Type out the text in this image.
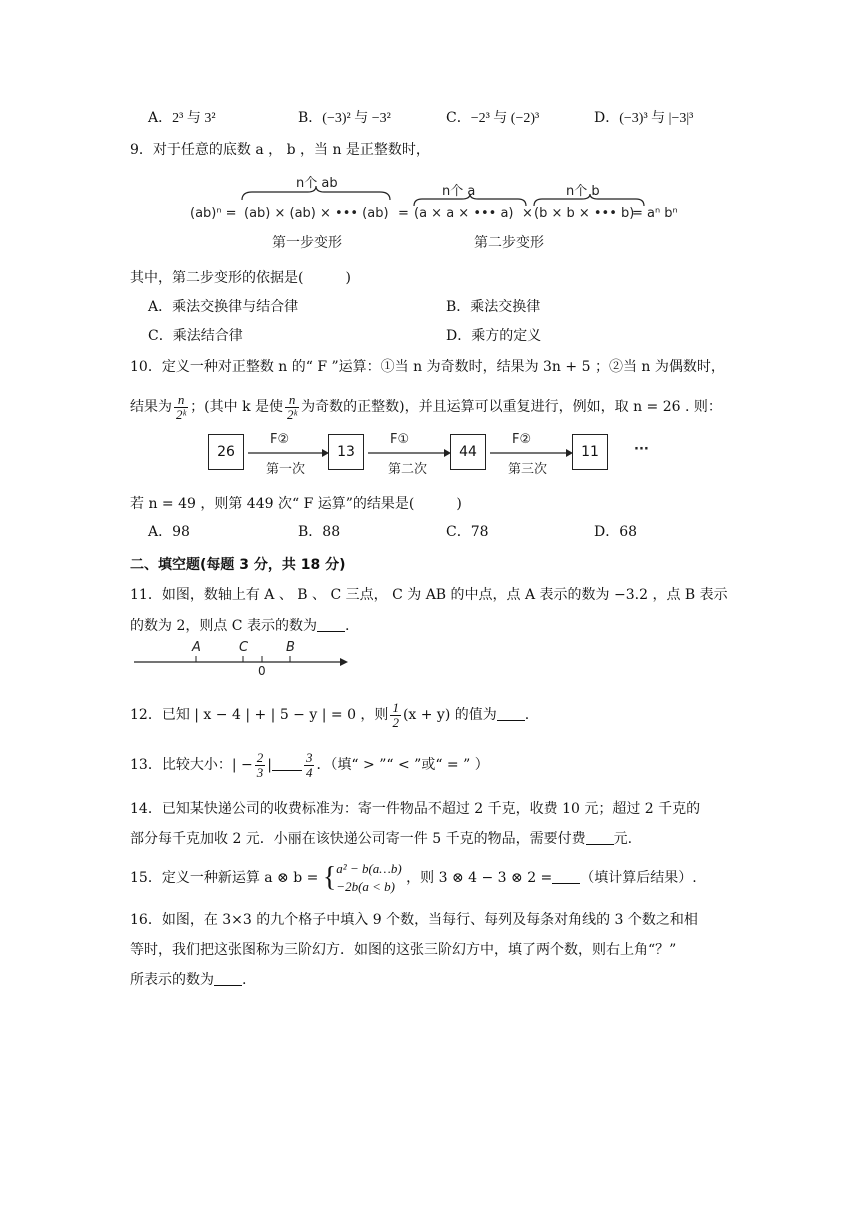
A．2³ 与 3²	B．(−3)² 与 −3²	C．−2³ 与 (−2)³	D．(−3)³ 与 |−3|³
9．对于任意的底数 a ， b ，当 n 是正整数时，
n个 ab
n个 a	n个 b
(ab)ⁿ = (ab) × (ab) × ••• (ab) = (a × a × ••• a) × (b × b × ••• b)
= aⁿ bⁿ
第一步变形	第二步变形
其中，第二步变形的依据是(　　　)
A．乘法交换律与结合律	B．乘法交换律
C．乘法结合律	D．乘方的定义
10．定义一种对正整数 n 的“ F ”运算：①当 n 为奇数时，结果为 3n + 5 ；②当 n 为偶数时，
结果为 $\frac{n}{\text{2ᵏ}}$ ；(其中 k 是使 $\frac{n}{\text{2ᵏ}}$ 为奇数的正整数)，并且运算可以重复进行，例如，取 n = 26 . 则：
26	13	44	11
F②	F①	F②
第一次	第二次	第三次
···
若 n = 49 ，则第 449 次“ F 运算”的结果是(　　　)
A．98	B．88	C．78	D．68
二、填空题(每题 3 分，共 18 分)
11．如图，数轴上有 A 、 B 、 C 三点， C 为 AB 的中点，点 A 表示的数为 −3.2 ，点 B 表示
的数为 2，则点 C 表示的数为 .
A	C	B
0
12．已知 | x − 4 | + | 5 − y | = 0 ，则 $\frac{1}{2} (x + y)$ 的值为 .
13．比较大小：| − $\frac{2}{3}$ | $\frac{3}{4}$ ．（填“ > ”“ < ”或“ = ” ）
14．已知某快递公司的收费标准为：寄一件物品不超过 2 千克，收费 10 元；超过 2 千克的
部分每千克加收 2 元．小丽在该快递公司寄一件 5 千克的物品，需要付费 元.
15．定义一种新运算 a ⊗ b = { a² − b(a…b)
−2b(a < b)
，则 3 ⊗ 4 − 3 ⊗ 2 = （填计算后结果）.
16．如图，在 3×3 的九个格子中填入 9 个数，当每行、每列及每条对角线的 3 个数之和相
等时，我们把这张图称为三阶幻方．如图的这张三阶幻方中，填了两个数，则右上角“？”
所表示的数为 .
